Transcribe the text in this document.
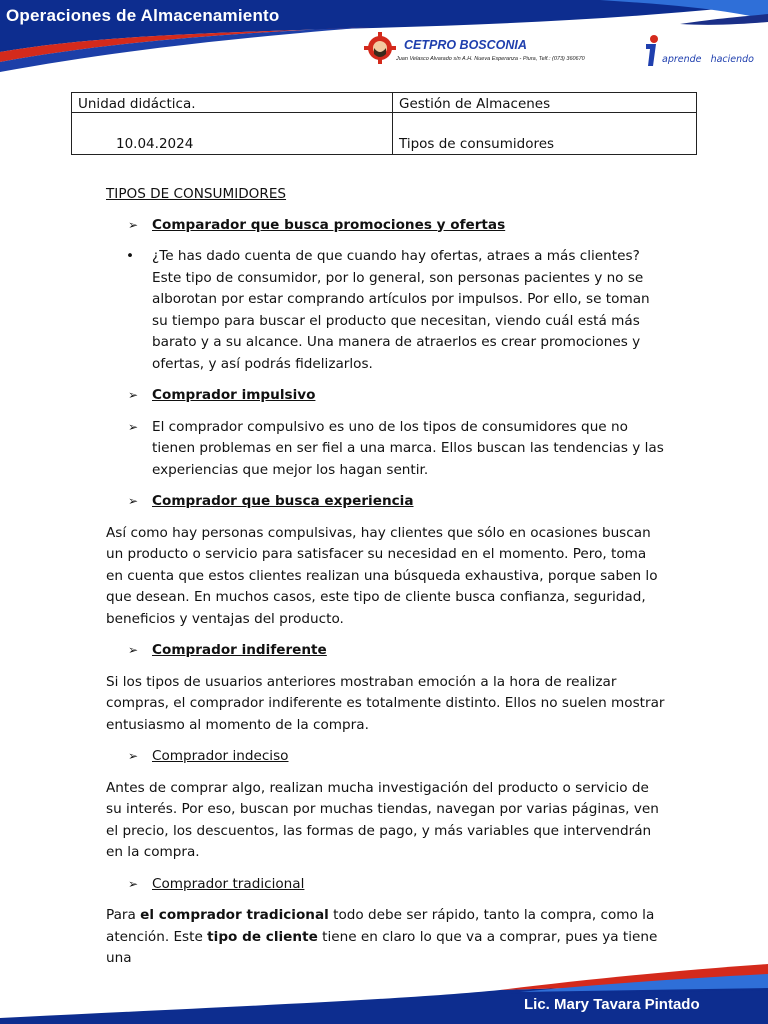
Operaciones de Almacenamiento
CETPRO BOSCONIA
Juan Velasco Alvarado s/n A.H. Nueva Esperanza - Piura, Telf.: (073) 360670	aprende haciendo
Unidad didáctica.	Gestión de Almacenes
10.04.2024	Tipos de consumidores

TIPOS DE CONSUMIDORES

➢ Comparador que busca promociones y ofertas
• ¿Te has dado cuenta de que cuando hay ofertas, atraes a más clientes? Este tipo de consumidor, por lo general, son personas pacientes y no se alborotan por estar comprando artículos por impulsos. Por ello, se toman su tiempo para buscar el producto que necesitan, viendo cuál está más barato y a su alcance. Una manera de atraerlos es crear promociones y ofertas, y así podrás fidelizarlos.
➢ Comprador impulsivo
➢ El comprador compulsivo es uno de los tipos de consumidores que no tienen problemas en ser fiel a una marca. Ellos buscan las tendencias y las experiencias que mejor los hagan sentir.
➢ Comprador que busca experiencia

Así como hay personas compulsivas, hay clientes que sólo en ocasiones buscan un producto o servicio para satisfacer su necesidad en el momento. Pero, toma en cuenta que estos clientes realizan una búsqueda exhaustiva, porque saben lo que desean. En muchos casos, este tipo de cliente busca confianza, seguridad, beneficios y ventajas del producto.

➢ Comprador indiferente

Si los tipos de usuarios anteriores mostraban emoción a la hora de realizar compras, el comprador indiferente es totalmente distinto. Ellos no suelen mostrar entusiasmo al momento de la compra.

➢ Comprador indeciso

Antes de comprar algo, realizan mucha investigación del producto o servicio de su interés. Por eso, buscan por muchas tiendas, navegan por varias páginas, ven el precio, los descuentos, las formas de pago, y más variables que intervendrán en la compra.

➢ Comprador tradicional

Para el comprador tradicional todo debe ser rápido, tanto la compra, como la atención. Este tipo de cliente tiene en claro lo que va a comprar, pues ya tiene una

Lic. Mary Tavara Pintado
